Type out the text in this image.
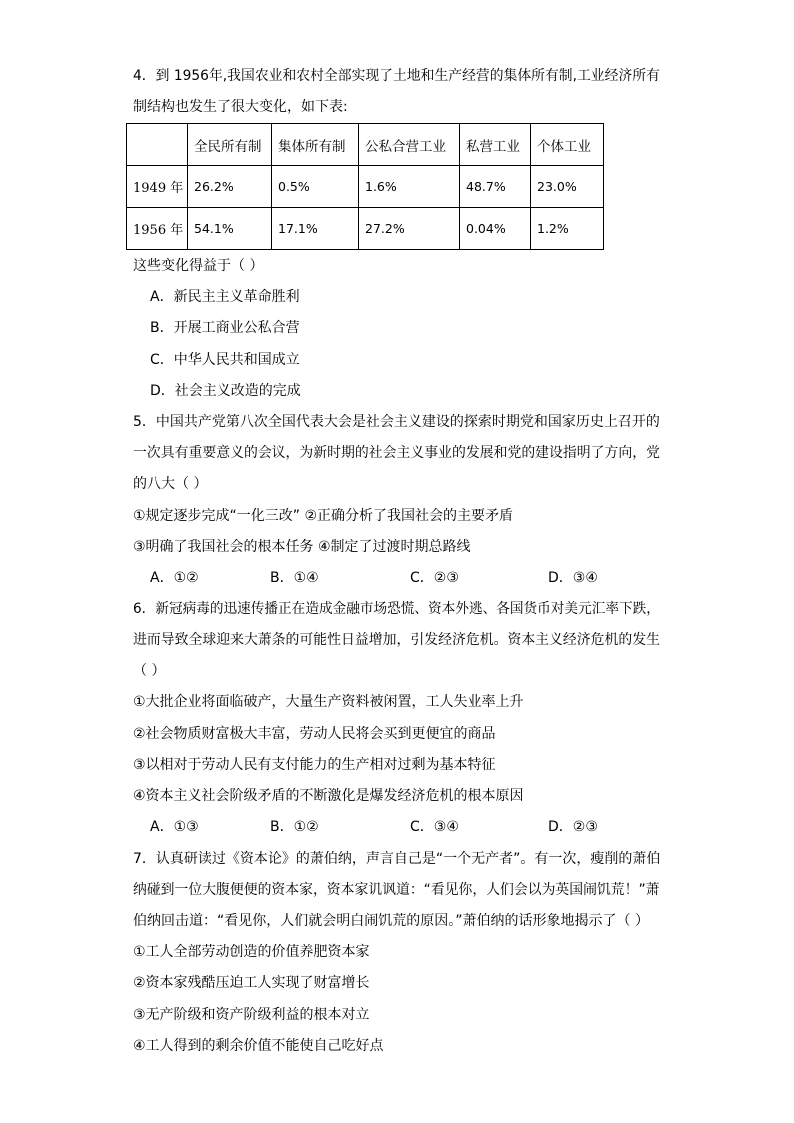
4．到 1956年,我国农业和农村全部实现了土地和生产经营的集体所有制,工业经济所有
制结构也发生了很大变化，如下表:
	全民所有制	集体所有制	公私合营工业	私营工业	个体工业
1949 年	26.2%	0.5%	1.6%	48.7%	23.0%
1956 年	54.1%	17.1%	27.2%	0.04%	1.2%
这些变化得益于（ ）
A．新民主主义革命胜利
B．开展工商业公私合营
C．中华人民共和国成立
D．社会主义改造的完成
5．中国共产党第八次全国代表大会是社会主义建设的探索时期党和国家历史上召开的
一次具有重要意义的会议，为新时期的社会主义事业的发展和党的建设指明了方向，党
的八大（ ）
①规定逐步完成“一化三改” ②正确分析了我国社会的主要矛盾
③明确了我国社会的根本任务 ④制定了过渡时期总路线
A．①②	B．①④	C．②③	D．③④
6．新冠病毒的迅速传播正在造成金融市场恐慌、资本外逃、各国货币对美元汇率下跌，
进而导致全球迎来大萧条的可能性日益增加，引发经济危机。资本主义经济危机的发生
（ ）
①大批企业将面临破产，大量生产资料被闲置，工人失业率上升
②社会物质财富极大丰富，劳动人民将会买到更便宜的商品
③以相对于劳动人民有支付能力的生产相对过剩为基本特征
④资本主义社会阶级矛盾的不断激化是爆发经济危机的根本原因
A．①③	B．①②	C．③④	D．②③
7．认真研读过《资本论》的萧伯纳，声言自己是“一个无产者”。有一次，瘦削的萧伯
纳碰到一位大腹便便的资本家，资本家讥讽道：“看见你，人们会以为英国闹饥荒！”萧
伯纳回击道：“看见你，人们就会明白闹饥荒的原因。”萧伯纳的话形象地揭示了（ ）
①工人全部劳动创造的价值养肥资本家
②资本家残酷压迫工人实现了财富增长
③无产阶级和资产阶级利益的根本对立
④工人得到的剩余价值不能使自己吃好点
